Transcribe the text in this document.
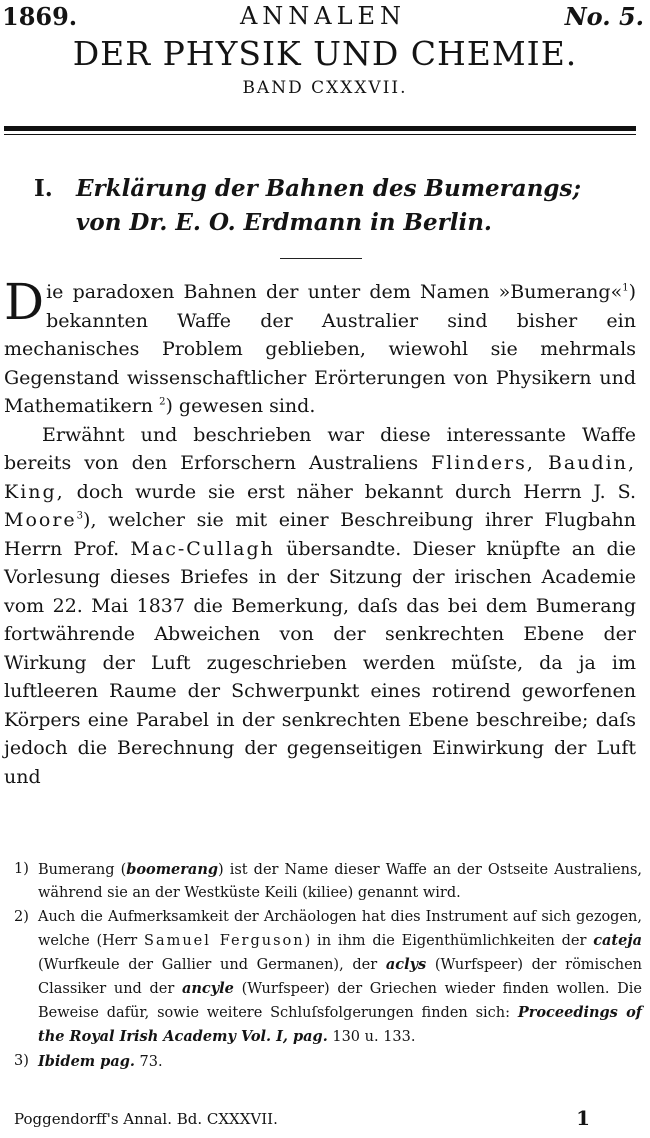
1869.	ANNALEN	No. 5.
DER PHYSIK UND CHEMIE.
BAND CXXXVII.
I. Erklärung der Bahnen des Bumerangs;
von Dr. E. O. Erdmann in Berlin.

Die paradoxen Bahnen der unter dem Namen »Bumerang«$^1$) bekannten Waffe der Australier sind bisher ein mechanisches Problem geblieben, wiewohl sie mehrmals Gegenstand wissenschaftlicher Erörterungen von Physikern und Mathematikern $^2$) gewesen sind.

Erwähnt und beschrieben war diese interessante Waffe bereits von den Erforschern Australiens Flinders, Baudin, King, doch wurde sie erst näher bekannt durch Herrn J. S. Moore$^3$), welcher sie mit einer Beschreibung ihrer Flugbahn Herrn Prof. Mac-Cullagh übersandte. Dieser knüpfte an die Vorlesung dieses Briefes in der Sitzung der irischen Academie vom 22. Mai 1837 die Bemerkung, daſs das bei dem Bumerang fortwährende Abweichen von der senkrechten Ebene der Wirkung der Luft zugeschrieben werden müſste, da ja im luftleeren Raume der Schwerpunkt eines rotirend geworfenen Körpers eine Parabel in der senkrechten Ebene beschreibe; daſs jedoch die Berechnung der gegenseitigen Einwirkung der Luft und

1) Bumerang (boomerang) ist der Name dieser Waffe an der Ostseite Australiens, während sie an der Westküste Keili (kiliee) genannt wird.
2) Auch die Aufmerksamkeit der Archäologen hat dies Instrument auf sich gezogen, welche (Herr Samuel Ferguson) in ihm die Eigenthümlichkeiten der cateja (Wurfkeule der Gallier und Germanen), der aclys (Wurfspeer) der römischen Classiker und der ancyle (Wurfspeer) der Griechen wieder finden wollen. Die Beweise dafür, sowie weitere Schluſsfolgerungen finden sich: Proceedings of the Royal Irish Academy Vol. I, pag. 130 u. 133.
3) Ibidem pag. 73.
Poggendorff's Annal. Bd. CXXXVII.	1
